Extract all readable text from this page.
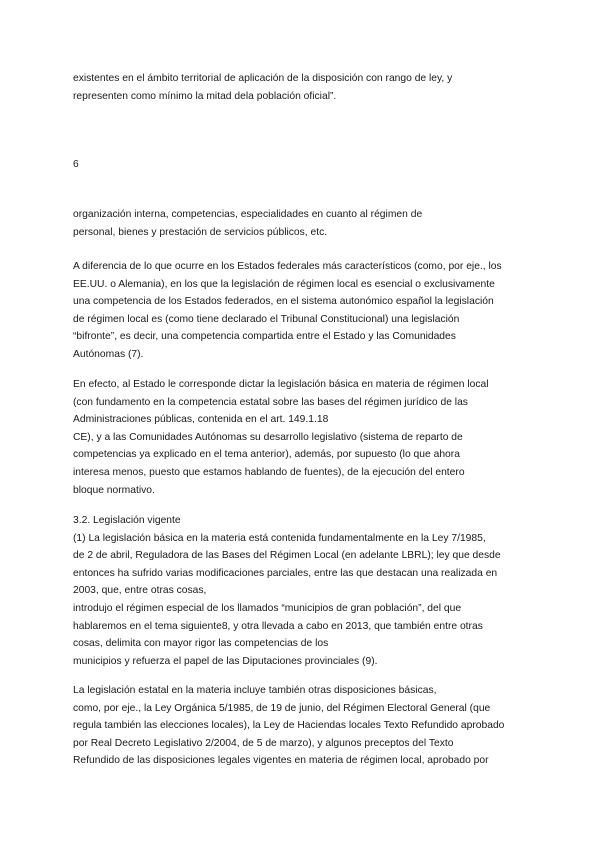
existentes en el ámbito territorial de aplicación de la disposición con rango de ley, y
representen como mínimo la mitad dela población oficial”.
6
organización interna, competencias, especialidades en cuanto al régimen de
personal, bienes y prestación de servicios públicos, etc.
A diferencia de lo que ocurre en los Estados federales más característicos (como, por eje., los
EE.UU. o Alemania), en los que la legislación de régimen local es esencial o exclusivamente
una competencia de los Estados federados, en el sistema autonómico español la legislación
de régimen local es (como tiene declarado el Tribunal Constitucional) una legislación
“bifronte”, es decir, una competencia compartida entre el Estado y las Comunidades
Autónomas (7).
En efecto, al Estado le corresponde dictar la legislación básica en materia de régimen local
(con fundamento en la competencia estatal sobre las bases del régimen jurídico de las
Administraciones públicas, contenida en el art. 149.1.18
CE), y a las Comunidades Autónomas su desarrollo legislativo (sistema de reparto de
competencias ya explicado en el tema anterior), además, por supuesto (lo que ahora
interesa menos, puesto que estamos hablando de fuentes), de la ejecución del entero
bloque normativo.
3.2. Legislación vigente
(1) La legislación básica en la materia está contenida fundamentalmente en la Ley 7/1985,
de 2 de abril, Reguladora de las Bases del Régimen Local (en adelante LBRL); ley que desde
entonces ha sufrido varias modificaciones parciales, entre las que destacan una realizada en
2003, que, entre otras cosas,
introdujo el régimen especial de los llamados “municipios de gran población”, del que
hablaremos en el tema siguiente8, y otra llevada a cabo en 2013, que también entre otras
cosas, delimita con mayor rigor las competencias de los
municipios y refuerza el papel de las Diputaciones provinciales (9).
La legislación estatal en la materia incluye también otras disposiciones básicas,
como, por eje., la Ley Orgánica 5/1985, de 19 de junio, del Régimen Electoral General (que
regula también las elecciones locales), la Ley de Haciendas locales Texto Refundido aprobado
por Real Decreto Legislativo 2/2004, de 5 de marzo), y algunos preceptos del Texto
Refundido de las disposiciones legales vigentes en materia de régimen local, aprobado por
